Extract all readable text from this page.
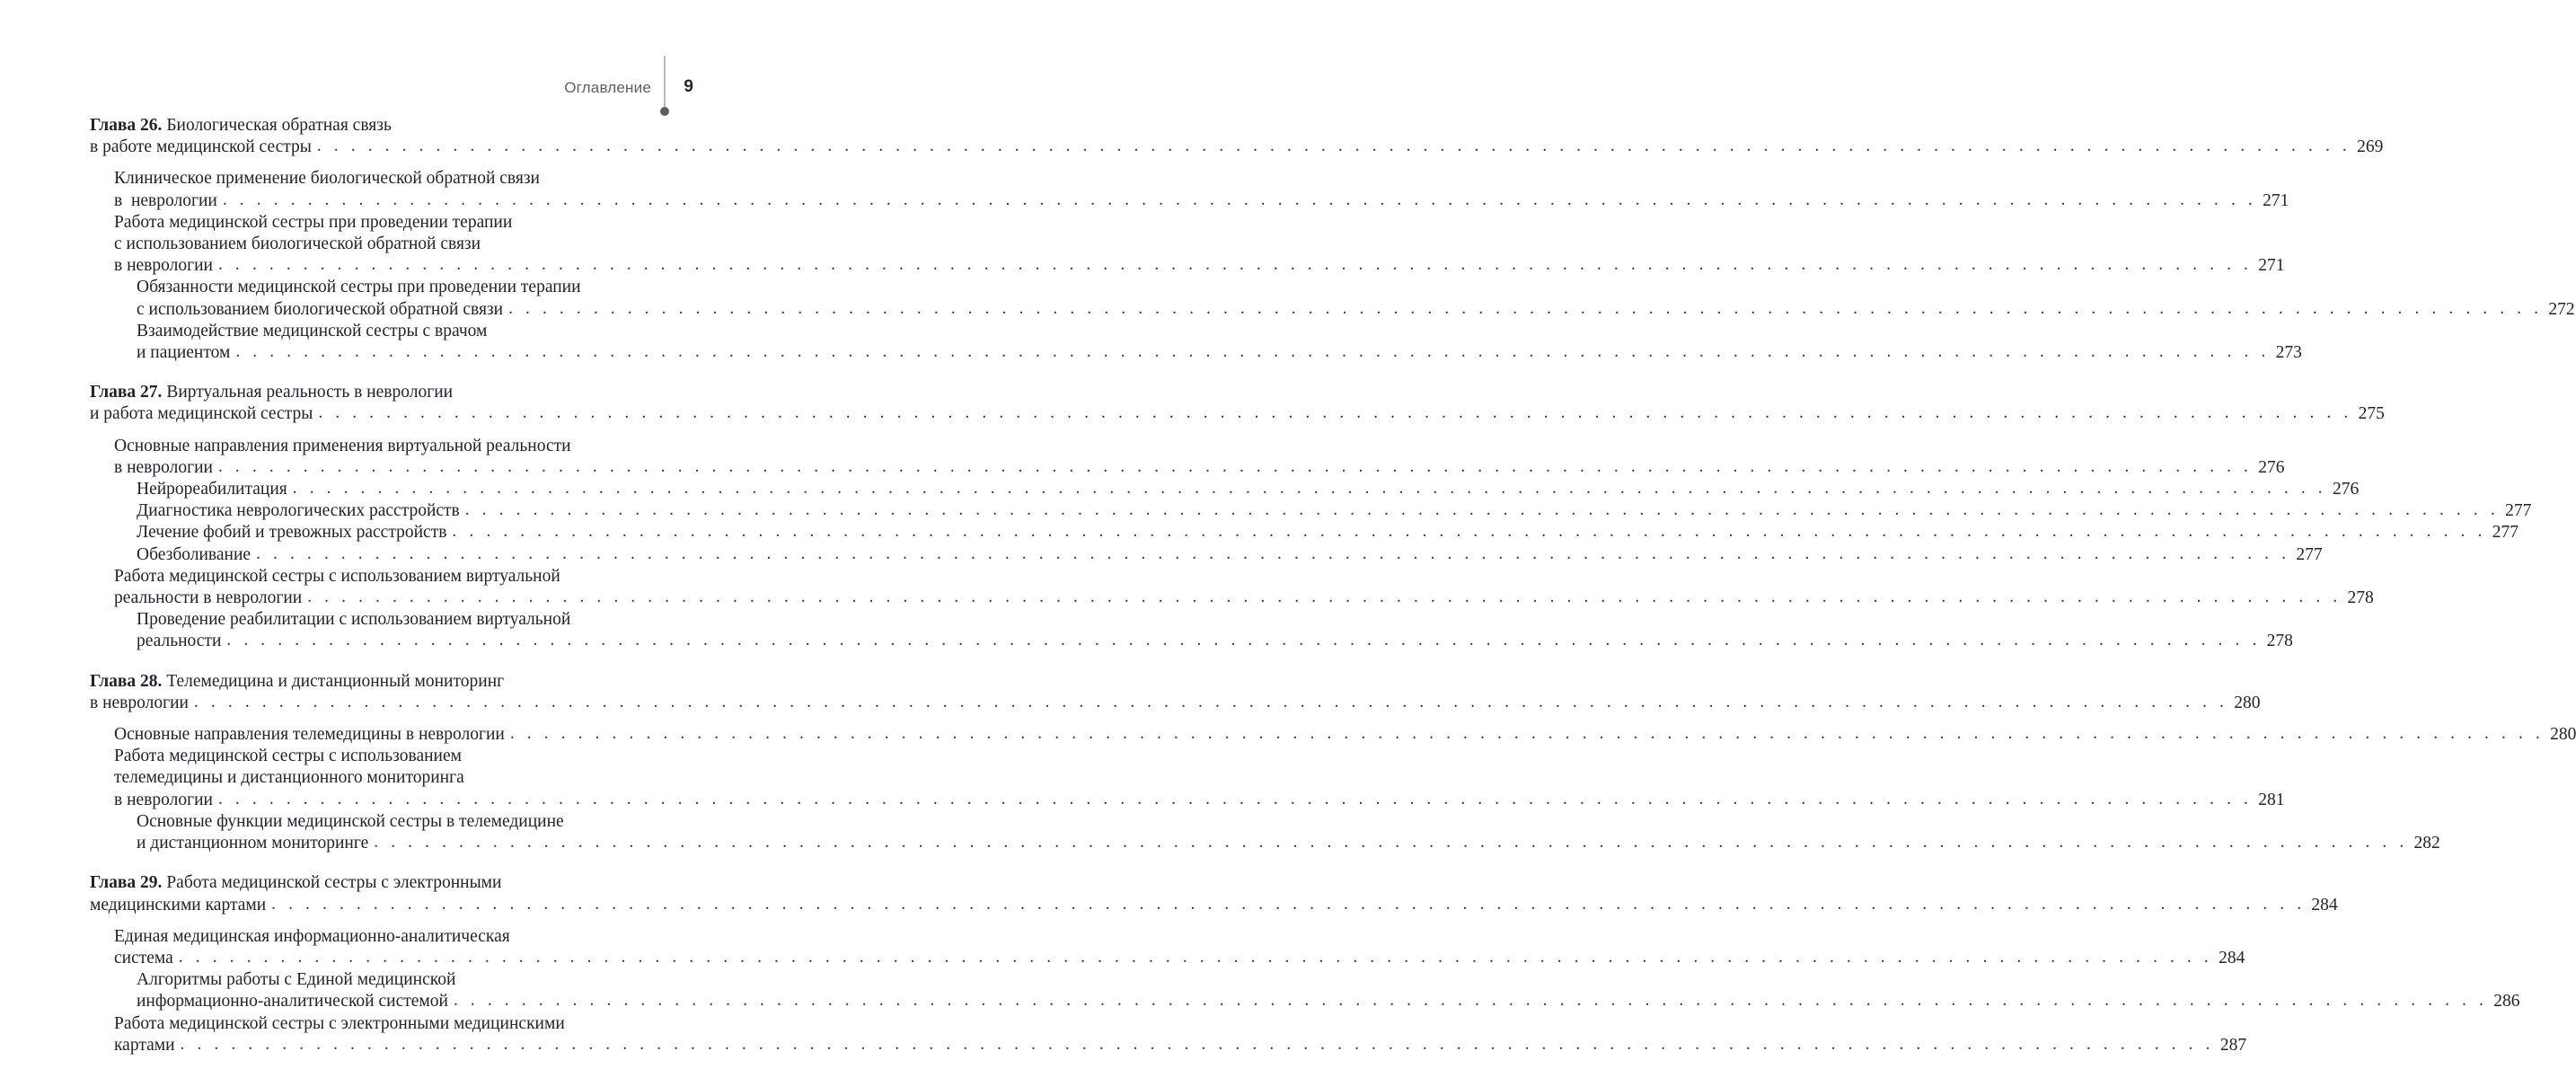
Оглавление 9
Глава 26. Биологическая обратная связь
в работе медицинской сестры . . . . . . . . . . . . . . . . . . . . . . . . . . . . . . . . . . . . . . . . . . . . . . . . . . . . . . . . . . . . . . . . . . . . . . . . . . . . . . . . . . . . . . . . . . . . . . . . . . . . . . . . . . . . . . . . . . . . . . . . 269
Клиническое применение биологической обратной связи
в  неврологии . . . . . . . . . . . . . . . . . . . . . . . . . . . . . . . . . . . . . . . . . . . . . . . . . . . . . . . . . . . . . . . . . . . . . . . . . . . . . . . . . . . . . . . . . . . . . . . . . . . . . . . . . . . . . . . . . . . . . . . . 271
Работа медицинской сестры при проведении терапии
с использованием биологической обратной связи
в неврологии . . . . . . . . . . . . . . . . . . . . . . . . . . . . . . . . . . . . . . . . . . . . . . . . . . . . . . . . . . . . . . . . . . . . . . . . . . . . . . . . . . . . . . . . . . . . . . . . . . . . . . . . . . . . . . . . . . . . . . . . 271
Обязанности медицинской сестры при проведении терапии
с использованием биологической обратной связи . . . . . . . . . . . . . . . . . . . . . . . . . . . . . . . . . . . . . . . . . . . . . . . . . . . . . . . . . . . . . . . . . . . . . . . . . . . . . . . . . . . . . . . . . . . . . . . . . . . . . . . . . . . . . . . . . . . . . . . . 272
Взаимодействие медицинской сестры с врачом
и пациентом . . . . . . . . . . . . . . . . . . . . . . . . . . . . . . . . . . . . . . . . . . . . . . . . . . . . . . . . . . . . . . . . . . . . . . . . . . . . . . . . . . . . . . . . . . . . . . . . . . . . . . . . . . . . . . . . . . . . . . . . 273
Глава 27. Виртуальная реальность в неврологии
и работа медицинской сестры . . . . . . . . . . . . . . . . . . . . . . . . . . . . . . . . . . . . . . . . . . . . . . . . . . . . . . . . . . . . . . . . . . . . . . . . . . . . . . . . . . . . . . . . . . . . . . . . . . . . . . . . . . . . . . . . . . . . . . . . 275
Основные направления применения виртуальной реальности
в неврологии . . . . . . . . . . . . . . . . . . . . . . . . . . . . . . . . . . . . . . . . . . . . . . . . . . . . . . . . . . . . . . . . . . . . . . . . . . . . . . . . . . . . . . . . . . . . . . . . . . . . . . . . . . . . . . . . . . . . . . . . 276
Нейрореабилитация . . . . . . . . . . . . . . . . . . . . . . . . . . . . . . . . . . . . . . . . . . . . . . . . . . . . . . . . . . . . . . . . . . . . . . . . . . . . . . . . . . . . . . . . . . . . . . . . . . . . . . . . . . . . . . . . . . . . . . . . 276
Диагностика неврологических расстройств . . . . . . . . . . . . . . . . . . . . . . . . . . . . . . . . . . . . . . . . . . . . . . . . . . . . . . . . . . . . . . . . . . . . . . . . . . . . . . . . . . . . . . . . . . . . . . . . . . . . . . . . . . . . . . . . . . . . . . . . 277
Лечение фобий и тревожных расстройств . . . . . . . . . . . . . . . . . . . . . . . . . . . . . . . . . . . . . . . . . . . . . . . . . . . . . . . . . . . . . . . . . . . . . . . . . . . . . . . . . . . . . . . . . . . . . . . . . . . . . . . . . . . . . . . . . . . . . . . . 277
Обезболивание . . . . . . . . . . . . . . . . . . . . . . . . . . . . . . . . . . . . . . . . . . . . . . . . . . . . . . . . . . . . . . . . . . . . . . . . . . . . . . . . . . . . . . . . . . . . . . . . . . . . . . . . . . . . . . . . . . . . . . . . 277
Работа медицинской сестры с использованием виртуальной
реальности в неврологии . . . . . . . . . . . . . . . . . . . . . . . . . . . . . . . . . . . . . . . . . . . . . . . . . . . . . . . . . . . . . . . . . . . . . . . . . . . . . . . . . . . . . . . . . . . . . . . . . . . . . . . . . . . . . . . . . . . . . . . . 278
Проведение реабилитации с использованием виртуальной
реальности . . . . . . . . . . . . . . . . . . . . . . . . . . . . . . . . . . . . . . . . . . . . . . . . . . . . . . . . . . . . . . . . . . . . . . . . . . . . . . . . . . . . . . . . . . . . . . . . . . . . . . . . . . . . . . . . . . . . . . . . 278
Глава 28. Телемедицина и дистанционный мониторинг
в неврологии . . . . . . . . . . . . . . . . . . . . . . . . . . . . . . . . . . . . . . . . . . . . . . . . . . . . . . . . . . . . . . . . . . . . . . . . . . . . . . . . . . . . . . . . . . . . . . . . . . . . . . . . . . . . . . . . . . . . . . . . 280
Основные направления телемедицины в неврологии . . . . . . . . . . . . . . . . . . . . . . . . . . . . . . . . . . . . . . . . . . . . . . . . . . . . . . . . . . . . . . . . . . . . . . . . . . . . . . . . . . . . . . . . . . . . . . . . . . . . . . . . . . . . . . . . . . . . . . . . 280
Работа медицинской сестры с использованием
телемедицины и дистанционного мониторинга
в неврологии . . . . . . . . . . . . . . . . . . . . . . . . . . . . . . . . . . . . . . . . . . . . . . . . . . . . . . . . . . . . . . . . . . . . . . . . . . . . . . . . . . . . . . . . . . . . . . . . . . . . . . . . . . . . . . . . . . . . . . . . 281
Основные функции медицинской сестры в телемедицине
и дистанционном мониторинге . . . . . . . . . . . . . . . . . . . . . . . . . . . . . . . . . . . . . . . . . . . . . . . . . . . . . . . . . . . . . . . . . . . . . . . . . . . . . . . . . . . . . . . . . . . . . . . . . . . . . . . . . . . . . . . . . . . . . . . . 282
Глава 29. Работа медицинской сестры с электронными
медицинскими картами . . . . . . . . . . . . . . . . . . . . . . . . . . . . . . . . . . . . . . . . . . . . . . . . . . . . . . . . . . . . . . . . . . . . . . . . . . . . . . . . . . . . . . . . . . . . . . . . . . . . . . . . . . . . . . . . . . . . . . . . 284
Единая медицинская информационно-аналитическая
система . . . . . . . . . . . . . . . . . . . . . . . . . . . . . . . . . . . . . . . . . . . . . . . . . . . . . . . . . . . . . . . . . . . . . . . . . . . . . . . . . . . . . . . . . . . . . . . . . . . . . . . . . . . . . . . . . . . . . . . . 284
Алгоритмы работы с Единой медицинской
информационно-аналитической системой . . . . . . . . . . . . . . . . . . . . . . . . . . . . . . . . . . . . . . . . . . . . . . . . . . . . . . . . . . . . . . . . . . . . . . . . . . . . . . . . . . . . . . . . . . . . . . . . . . . . . . . . . . . . . . . . . . . . . . . . 286
Работа медицинской сестры с электронными медицинскими
картами . . . . . . . . . . . . . . . . . . . . . . . . . . . . . . . . . . . . . . . . . . . . . . . . . . . . . . . . . . . . . . . . . . . . . . . . . . . . . . . . . . . . . . . . . . . . . . . . . . . . . . . . . . . . . . . . . . . . . . . . 287
